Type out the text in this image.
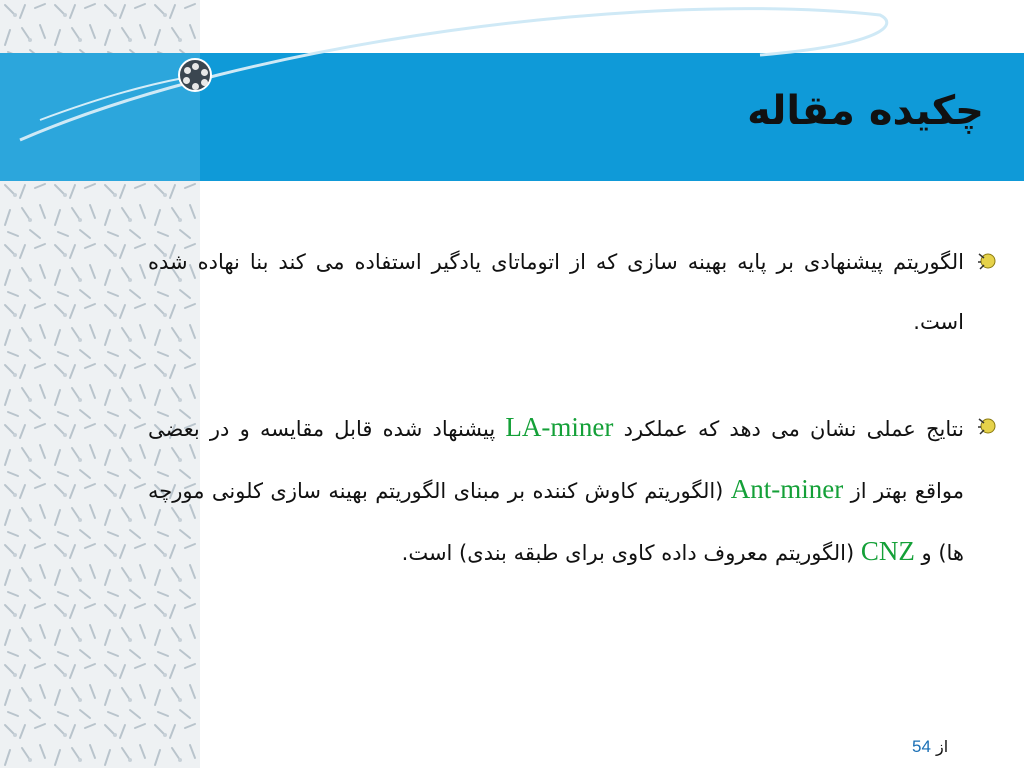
چکیده مقاله

الگوریتم پیشنهادی بر پایه بهینه سازی که از اتوماتای یادگیر استفاده می کند بنا نهاده شده است.

نتایج عملی نشان می دهد که عملکرد LA-miner پیشنهاد شده قابل مقایسه و در بعضی مواقع بهتر از Ant-miner (الگوریتم کاوش کننده بر مبنای الگوریتم بهینه سازی کلونی مورچه ها) و CNZ (الگوریتم معروف داده کاوی برای طبقه بندی) است.

از 54
